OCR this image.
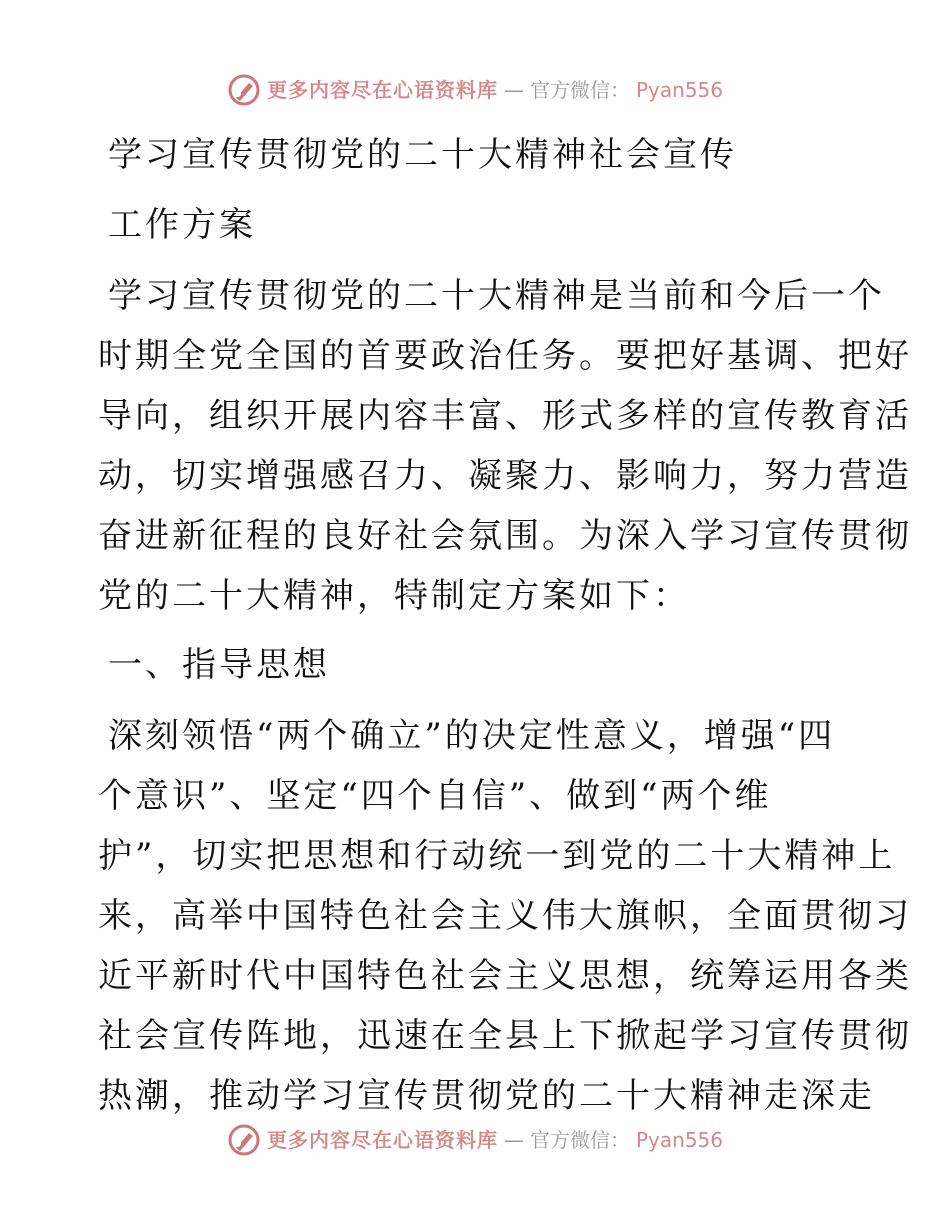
更多内容尽在心语资料库 — 官方微信： Pyan556

学习宣传贯彻党的二十大精神社会宣传

工作方案

学习宣传贯彻党的二十大精神是当前和今后一个

时期全党全国的首要政治任务。要把好基调、把好

导向，组织开展内容丰富、形式多样的宣传教育活

动，切实增强感召力、凝聚力、影响力，努力营造

奋进新征程的良好社会氛围。为深入学习宣传贯彻

党的二十大精神，特制定方案如下：

一、指导思想

深刻领悟“两个确立”的决定性意义，增强“四

个意识”、坚定“四个自信”、做到“两个维

护”，切实把思想和行动统一到党的二十大精神上

来，高举中国特色社会主义伟大旗帜，全面贯彻习

近平新时代中国特色社会主义思想，统筹运用各类

社会宣传阵地，迅速在全县上下掀起学习宣传贯彻

热潮，推动学习宣传贯彻党的二十大精神走深走

更多内容尽在心语资料库 — 官方微信： Pyan556
